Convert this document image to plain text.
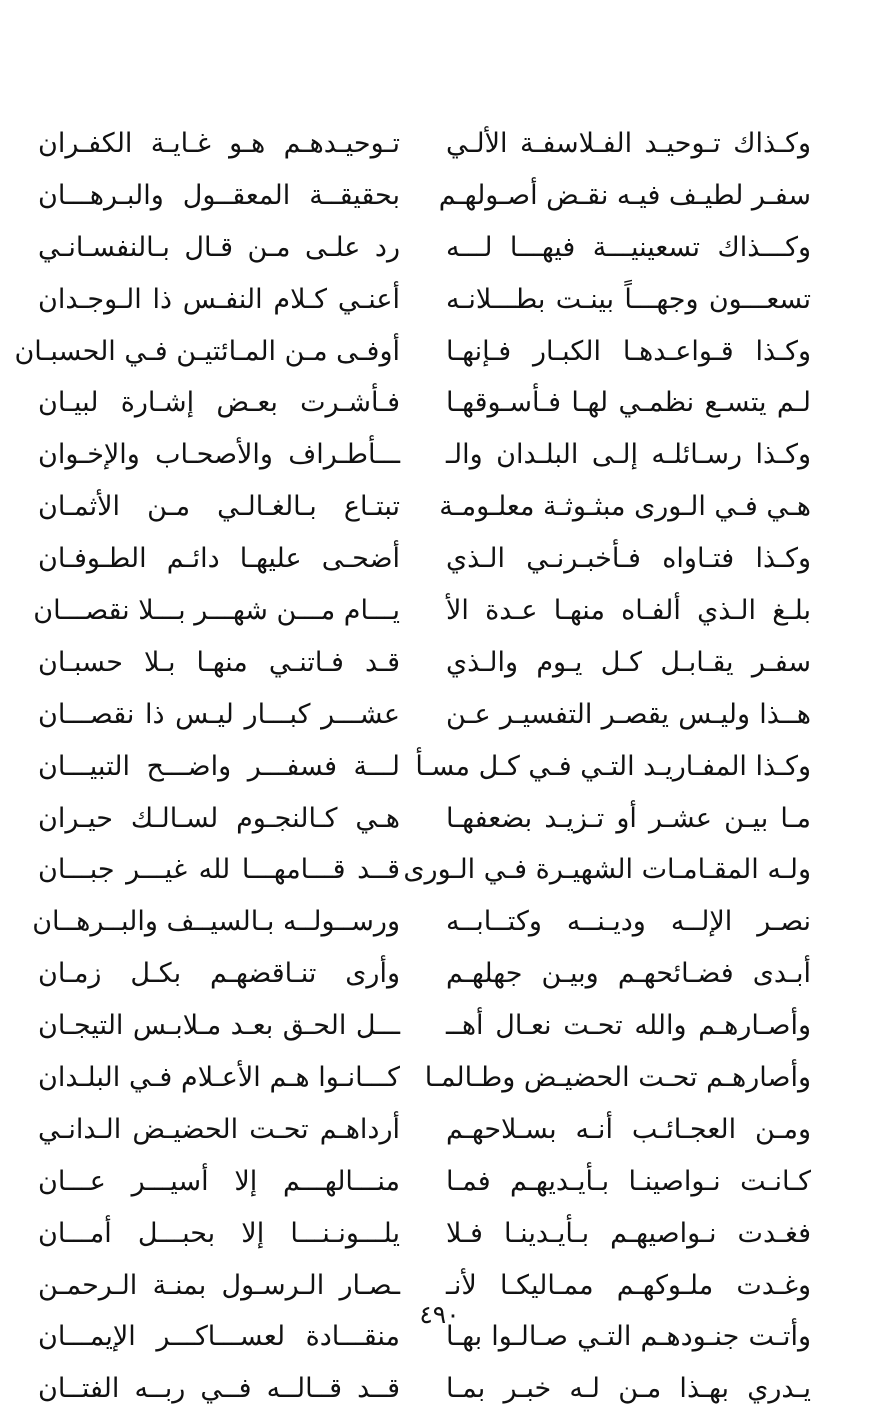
وكـذاك تـوحيـد الفـلاسفـة الألـي
سفـر لطيـف فيـه نقـض أصـولهـم
وكـــذاك تسعينيـــة فيهـــا لـــه
تسعـــون وجهـــاً بينـت بطـــلانـه
وكـذا قـواعـدهـا الكبـار فـإنهـا
لـم يتسـع نظمـي لهـا فـأسـوقهـا
وكـذا رسـائلـه إلـى البلـدان والـ
هـي فـي الـورى مبثـوثـة معلـومـة
وكـذا فتـاواه فـأخبـرنـي الـذي
بلـغ الـذي ألفـاه منهـا عـدة الأ
سفـر يقـابـل كـل يـوم والـذي
هــذا وليـس يقصـر التفسيـر عـن
وكـذا المفـاريـد التـي فـي كـل مسـأ
مـا بيـن عشـر أو تـزيـد بضعفهـا
ولـه المقـامـات الشهيـرة فـي الـورى
نصـر الإلــه وديـنــه وكتــابــه
أبـدى فضـائحهـم وبيـن جهلهـم
وأصـارهـم والله تحـت نعـال أهــ
وأصارهـم تحـت الحضيـض وطـالمـا
ومـن العجـائـب أنـه بسـلاحهـم
كـانـت نـواصينـا بـأيـديهـم فمـا
فغـدت نـواصيهـم بـأيـدينـا فـلا
وغـدت ملـوكهـم ممـاليكـا لأنـ
وأتـت جنـودهـم التـي صـالـوا بهـا
يـدري بهـذا مـن لـه خبـر بمـا
تـوحيـدهـم هـو غـايـة الكفـران
بحقيقــة المعقــول والبـرهـــان
رد علـى مـن قـال بـالنفسـانـي
أعنـي كـلام النفـس ذا الـوجـدان
أوفـى مـن المـائتيـن فـي الحسبـان
فـأشـرت بعـض إشـارة لبيـان
ـــأطـراف والأصحـاب والإخـوان
تبتـاع بـالغـالـي مـن الأثمـان
أضحـى عليهـا دائـم الطـوفـان
يـــام مـــن شهـــر بـــلا نقصـــان
قـد فـاتنـي منهـا بـلا حسبـان
عشـــر كبـــار ليـس ذا نقصـــان
لـــة فسفـــر واضـــح التبيـــان
هـي كـالنجـوم لسـالـك حيـران
قــد قـــامهـــا لله غيـــر جبـــان
ورســولــه بـالسيــف والبــرهــان
وأرى تنـاقضهـم بكـل زمـان
ـــل الحـق بعـد مـلابـس التيجـان
كـــانـوا هـم الأعـلام فـي البلـدان
أرداهـم تحـت الحضيـض الـدانـي
منـــالهـــم إلا أسيـــر عـــان
يلـــونـنـــا إلا بحبـــل أمـــان
ـصـار الـرسـول بمنـة الـرحمـن
منقـــادة لعســـاكـــر الإيمـــان
قــد قــالــه فــي ربــه الفتــان
٤٩٠
